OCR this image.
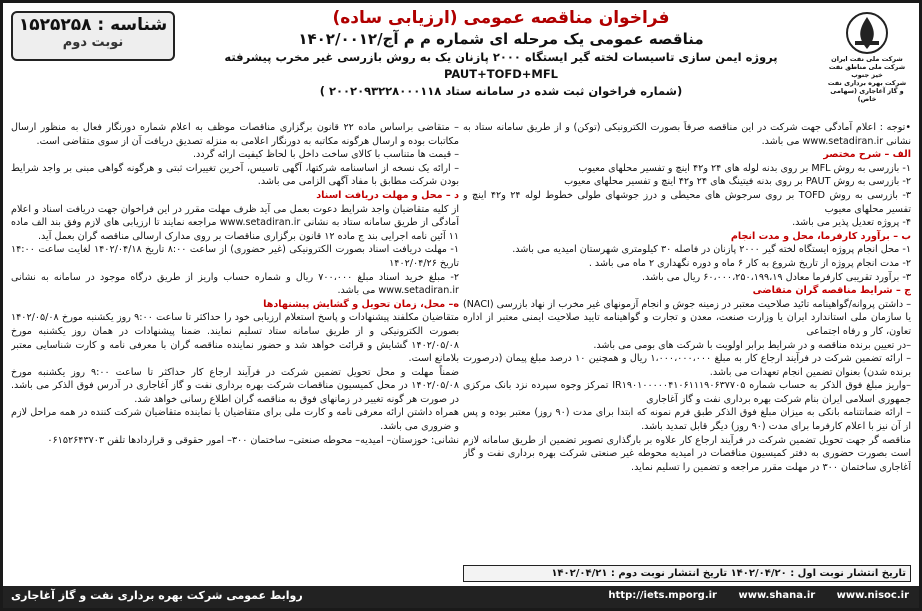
شرکت ملی نفت ایران
شرکت ملی مناطق نفت خیز جنوب
شرکت بهره برداری نفت و گاز آغاجاری (سهامی خاص)
شناسه : ۱۵۲۵۲۵۸
نوبت دوم
فراخوان مناقصه عمومی (ارزیابی ساده)
مناقصه عمومی یک مرحله ای شماره م م آج/۱۴۰۲/۰۰۱۲
پروژه ایمن سازی تاسیسات لخته گیر ایستگاه ۲۰۰۰ پازنان یک به روش بازرسی غیر مخرب پیشرفته PAUT+TOFD+MFL
(شماره فراخوان ثبت شده در سامانه ستاد ۲۰۰۲۰۹۳۲۲۸۰۰۰۱۱۸ )

•توجه : اعلام آمادگی جهت شرکت در این مناقصه صرفاً بصورت الکترونیکی (توکن) و از طریق سامانه ستاد به نشانی www.setadiran.ir می باشد.

الف – شرح مختصر

۱- بازرسی به روش MFL بر روی بدنه لوله های ۲۴ و۴۲ اینچ و تفسیر محلهای معیوب

۲- بازرسی به روش PAUT بر روی بدنه فیتینگ های ۲۴ و۴۲ اینچ و تفسیر محلهای معیوب

۳- بازرسی به روش TOFD بر روی سرجوش های محیطی و درز جوشهای طولی خطوط لوله ۲۴ و۴۲ اینچ و تفسیر محلهای معیوب

۴- پروژه تعدیل پذیر می باشد.

ب – برآورد کارفرما، محل و مدت انجام

۱- محل انجام پروژه ایستگاه لخته گیر ۲۰۰۰ پازنان در فاصله ۳۰ کیلومتری شهرستان امیدیه می باشد.

۲- مدت انجام پروژه از تاریخ شروع به کار ۶ ماه و دوره نگهداری ۲ ماه می باشد .

۳- برآورد تقریبی کارفرما معادل ۶۰،۰۰۰،۲۵۰،۱۹۹،۱۹ ریال می باشد.

ج – شرایط مناقصه گران متقاضی

– داشتن پروانه/گواهینامه تائید صلاحیت معتبر در زمینه جوش و انجام آزمونهای غیر مخرب از نهاد بازرسی (NACI) یا سازمان ملی استاندارد ایران یا وزارت صنعت، معدن و تجارت و گواهینامه تایید صلاحیت ایمنی معتبر از اداره تعاون، کار و رفاه اجتماعی

–در تعیین برنده مناقصه و در شرایط برابر اولویت با شرکت های بومی می باشد.

– ارائه تضمین شرکت در فرآیند ارجاع کار به مبلغ ۱،۰۰۰،۰۰۰،۰۰۰ ریال و همچنین ۱۰ درصد مبلغ پیمان (درصورت برنده شدن) بعنوان تضمین انجام تعهدات می باشد.

–واریز مبلغ فوق الذکر به حساب شماره IR۱۹۰۱۰۰۰۰۰۴۱۰۶۱۱۱۹۰۶۳۷۷۰۵ تمرکز وجوه سپرده نزد بانک مرکزی جمهوری اسلامی ایران بنام شرکت بهره برداری نفت و گاز آغاجاری

– ارائه ضمانتنامه بانکی به میزان مبلغ فوق الذکر طبق فرم نمونه که ابتدا برای مدت (۹۰ روز) معتبر بوده و پس از آن نیز با اعلام کارفرما برای مدت (۹۰ روز) دیگر قابل تمدید باشد.

مناقصه گر جهت تحویل تضمین شرکت در فرآیند ارجاع کار علاوه بر بارگذاری تصویر تضمین از طریق سامانه لازم است بصورت حضوری به دفتر کمیسیون مناقصات در امیدیه محوطه غیر صنعتی شرکت بهره برداری نفت و گاز آغاجاری ساختمان ۳۰۰ در مهلت مقرر مراجعه و تضمین را تسلیم نماید.

– متقاضی براساس ماده ۲۲ قانون برگزاری مناقصات موظف به اعلام شماره دورنگار فعال به منظور ارسال مکاتبات بوده و ارسال هرگونه مکاتبه به دورنگار اعلامی به منزله تصدیق دریافت آن از سوی متقاضی است.

– قیمت ها متناسب با کالای ساخت داخل با لحاظ کیفیت ارائه گردد.

– ارائه یک نسخه از اساسنامه شرکتها، آگهی تاسیس، آخرین تغییرات ثبتی و هرگونه گواهی مبنی بر واجد شرایط بودن شرکت مطابق با مفاد آگهی الزامی می باشد.

د – محل و مهلت دریافت اسناد

از کلیه متقاضیان واجد شرایط دعوت بعمل می آید ظرف مهلت مقرر در این فراخوان جهت دریافت اسناد و اعلام آمادگی از طریق سامانه ستاد به نشانی www.setadiran.ir مراجعه نمایند تا ارزیابی های لازم وفق بند الف ماده ۱۱ آئین نامه اجرایی بند ج ماده ۱۲ قانون برگزاری مناقصات بر روی مدارک ارسالی مناقصه گران بعمل آید.

۱- مهلت دریافت اسناد بصورت الکترونیکی (غیر حضوری) از ساعت ۸:۰۰ تاریخ ۱۴۰۲/۰۴/۱۸ لغایت ساعت ۱۴:۰۰ تاریخ ۱۴۰۲/۰۴/۲۶

۲- مبلغ خرید اسناد مبلغ ۷۰۰،۰۰۰ ریال و شماره حساب واریز از طریق درگاه موجود در سامانه به نشانی www.setadiran.ir می باشد.

ه– محل، زمان تحویل و گشایش پیشنهادها

متقاضیان مکلفند پیشنهادات و پاسخ استعلام ارزیابی خود را حداکثر تا ساعت ۹:۰۰ روز یکشنبه مورخ ۱۴۰۲/۰۵/۰۸ بصورت الکترونیکی و از طریق سامانه ستاد تسلیم نمایند. ضمنا پیشنهادات در همان روز یکشنبه مورخ ۱۴۰۲/۰۵/۰۸ گشایش و قرائت خواهد شد و حضور نماینده مناقصه گران با معرفی نامه و کارت شناسایی معتبر بلامانع است.

ضمناً مهلت و محل تحویل تضمین شرکت در فرآیند ارجاع کار حداکثر تا ساعت ۹:۰۰ روز یکشنبه مورخ ۱۴۰۲/۰۵/۰۸ در محل کمیسیون مناقصات شرکت بهره برداری نفت و گاز آغاجاری در آدرس فوق الذکر می باشد. در صورت هر گونه تغییر در زمانهای فوق به مناقصه گران اطلاع رسانی خواهد شد.

همراه داشتن ارائه معرفی نامه و کارت ملی برای متقاضیان یا نماینده متقاضیان شرکت کننده در همه مراحل لازم و ضروری می باشد.

نشانی: خوزستان– امیدیه– محوطه صنعتی– ساختمان ۳۰۰– امور حقوقی و قراردادها تلفن ۰۶۱۵۲۶۴۳۷۰۳

تاریخ انتشار نوبت اول : ۱۴۰۲/۰۴/۲۰ تاریخ انتشار نوبت دوم : ۱۴۰۲/۰۴/۲۱
http://iets.mporg.ir www.shana.ir www.nisoc.ir
روابط عمومی شرکت بهره برداری نفت و گاز آغاجاری
